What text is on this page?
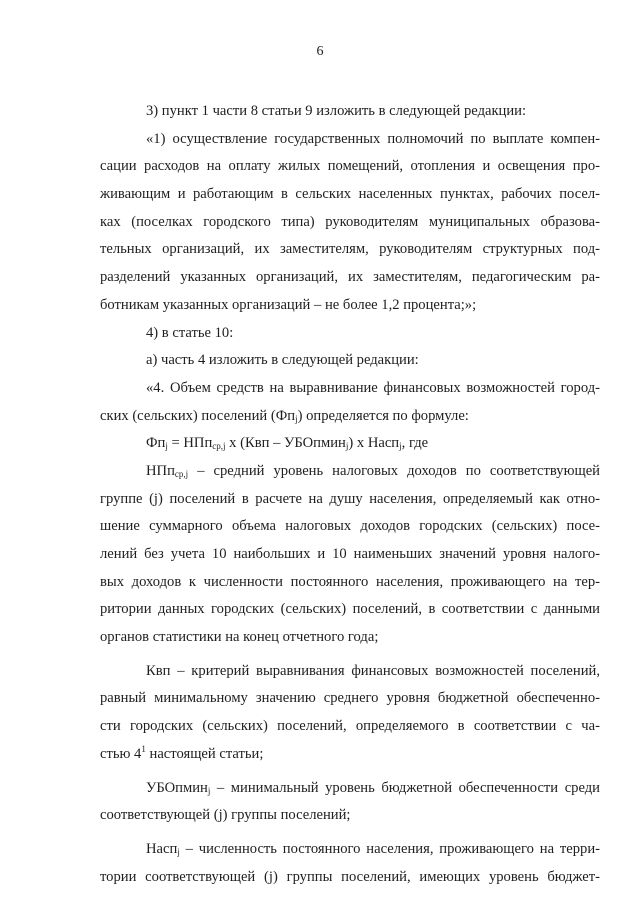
6
3) пункт 1 части 8 статьи 9 изложить в следующей редакции:
«1) осуществление государственных полномочий по выплате компен-
сации расходов на оплату жилых помещений, отопления и освещения про-
живающим и работающим в сельских населенных пунктах, рабочих посел-
ках (поселках городского типа) руководителям муниципальных образова-
тельных организаций, их заместителям, руководителям структурных под-
разделений указанных организаций, их заместителям, педагогическим ра-
ботникам указанных организаций – не более 1,2 процента;»;
4) в статье 10:
а) часть 4 изложить в следующей редакции:
«4. Объем средств на выравнивание финансовых возможностей город-
ских (сельских) поселений $(Фп_j)$ определяется по формуле:
$Фп_j = НПп_{ср,j}$ x (Квп – УБОпмин$_j$) x Насп$_j$, где
НПп$_{ср,j}$ – средний уровень налоговых доходов по соответствующей
группе (j) поселений в расчете на душу населения, определяемый как отно-
шение суммарного объема налоговых доходов городских (сельских) посе-
лений без учета 10 наибольших и 10 наименьших значений уровня налого-
вых доходов к численности постоянного населения, проживающего на тер-
ритории данных городских (сельских) поселений, в соответствии с данными
органов статистики на конец отчетного года;
Квп – критерий выравнивания финансовых возможностей поселений,
равный минимальному значению среднего уровня бюджетной обеспеченно-
сти городских (сельских) поселений, определяемого в соответствии с ча-
стью $4^1$ настоящей статьи;
УБОпмин$_j$ – минимальный уровень бюджетной обеспеченности среди
соответствующей (j) группы поселений;
Насп$_j$ – численность постоянного населения, проживающего на терри-
тории соответствующей (j) группы поселений, имеющих уровень бюджет-
